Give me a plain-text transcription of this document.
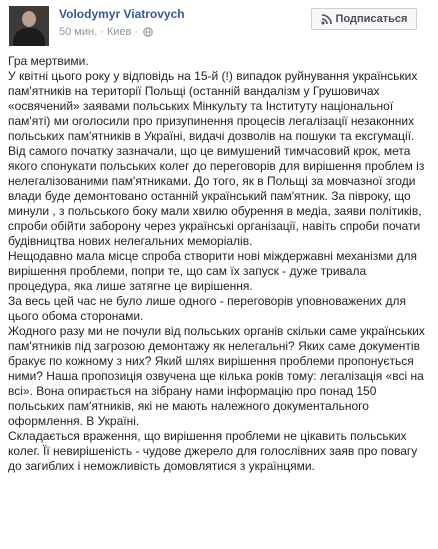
Volodymyr Viatrovych
50 мин. · Киев ·
Подписаться

Гра мертвими.

У квітні цього року у відповідь на 15-й (!) випадок руйнування українських пам'ятників на території Польщі (останній вандалізм у Грушовичах «освячений» заявами польських Мінкульту та Інституту національної пам'яті) ми оголосили про призупинення процесів легалізації незаконних польських пам'ятників в Україні, видачі дозволів на пошуки та ексгумації.

Від самого початку зазначали, що це вимушений тимчасовий крок, мета якого спонукати польських колег до переговорів для вирішення проблем із нелегалізованими пам'ятниками. До того, як в Польщі за мовчазної згоди влади буде демонтовано останній український пам'ятник. За півроку, що минули , з польського боку мали хвилю обурення в медіа, заяви політиків, спроби обійти заборону через українські організації, навіть спроби почати будівництва нових нелегальних меморіалів.

Нещодавно мала місце спроба створити нові міждержавні механізми для вирішення проблеми, попри те, що сам їх запуск - дуже тривала процедура, яка лише затягне це вирішення.

За весь цей час не було лише одного - переговорів уповноважених для цього обома сторонами.

Жодного разу ми не почули від польських органів скільки саме українських пам'ятників під загрозою демонтажу як нелегальні? Яких саме документів бракує по кожному з них? Який шлях вирішення проблеми пропонується ними? Наша пропозиція озвучена ще кілька років тому: легалізація «всі на всі». Вона опирається на зібрану нами інформацію про понад 150 польських пам'ятників, які не мають належного документального оформлення. В Україні.

Складається враження, що вирішення проблеми не цікавить польських колег. Її невирішеність - чудове джерело для голослівних заяв про повагу до загиблих і неможливість домовлятися з українцями.
